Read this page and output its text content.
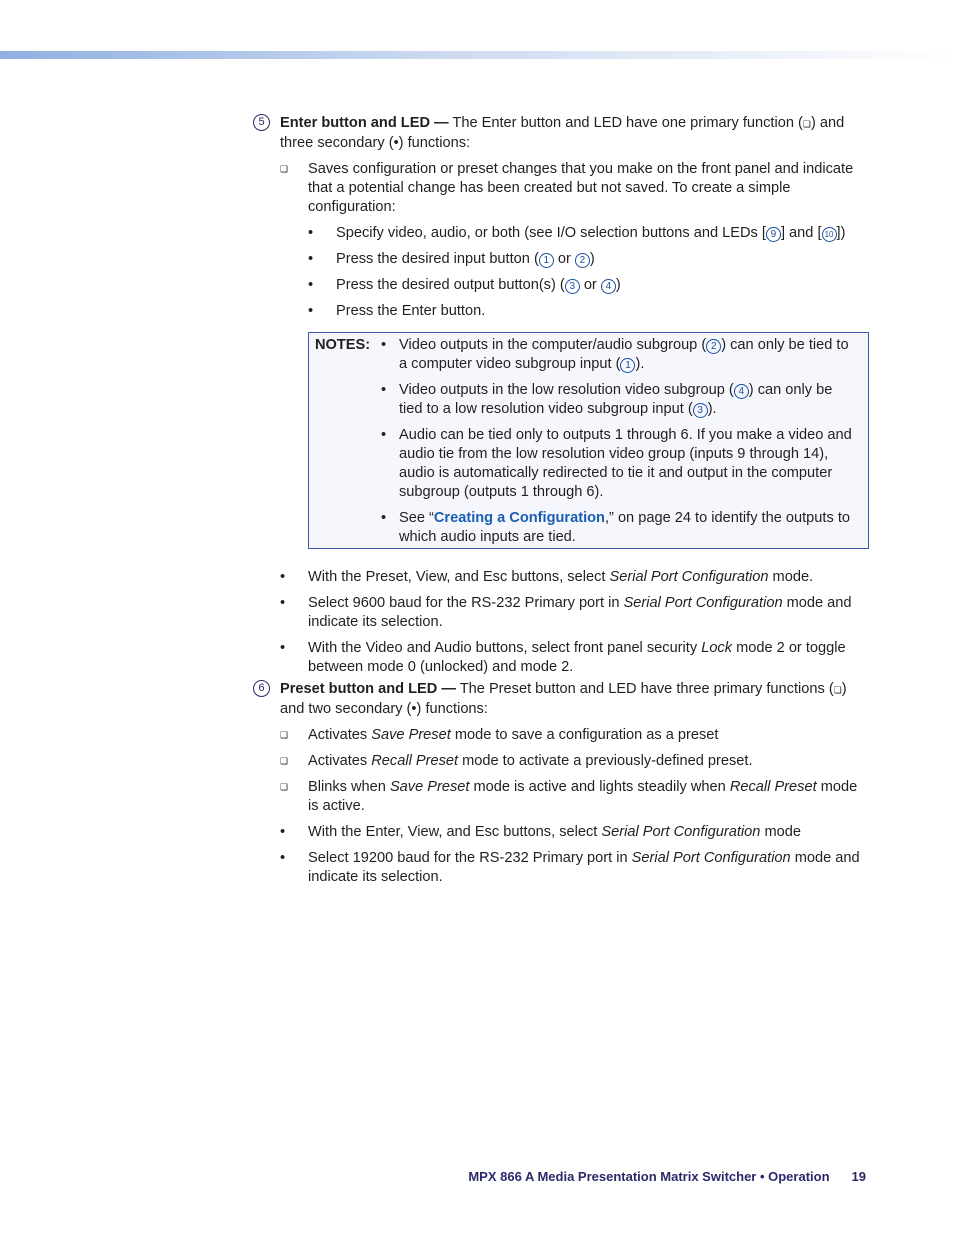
5	Enter button and LED — The Enter button and LED have one primary function (❏) and three secondary (•) functions:

❏ Saves configuration or preset changes that you make on the front panel and indicate that a potential change has been created but not saved. To create a simple configuration:
• Specify video, audio, or both (see I/O selection buttons and LEDs [ 9 ] and [ 10 ])
• Press the desired input button ( 1 or 2 )
• Press the desired output button(s) ( 3 or 4 )
• Press the Enter button.
NOTES: • Video outputs in the computer/audio subgroup ( 2 ) can only be tied to a computer video subgroup input ( 1 ).
• Video outputs in the low resolution video subgroup ( 4 ) can only be tied to a low resolution video subgroup input ( 3 ).
• Audio can be tied only to outputs 1 through 6. If you make a video and audio tie from the low resolution video group (inputs 9 through 14), audio is automatically redirected to tie it and output in the computer subgroup (outputs 1 through 6).
• See “Creating a Configuration,” on page 24 to identify the outputs to which audio inputs are tied.
• With the Preset, View, and Esc buttons, select Serial Port Configuration mode.
• Select 9600 baud for the RS-232 Primary port in Serial Port Configuration mode and indicate its selection.
• With the Video and Audio buttons, select front panel security Lock mode 2 or toggle between mode 0 (unlocked) and mode 2.
6	Preset button and LED — The Preset button and LED have three primary functions (❏) and two secondary (•) functions:

❏ Activates Save Preset mode to save a configuration as a preset
❏ Activates Recall Preset mode to activate a previously-defined preset.
❏ Blinks when Save Preset mode is active and lights steadily when Recall Preset mode is active.
• With the Enter, View, and Esc buttons, select Serial Port Configuration mode
• Select 19200 baud for the RS-232 Primary port in Serial Port Configuration mode and indicate its selection.
MPX 866 A Media Presentation Matrix Switcher • Operation 19
